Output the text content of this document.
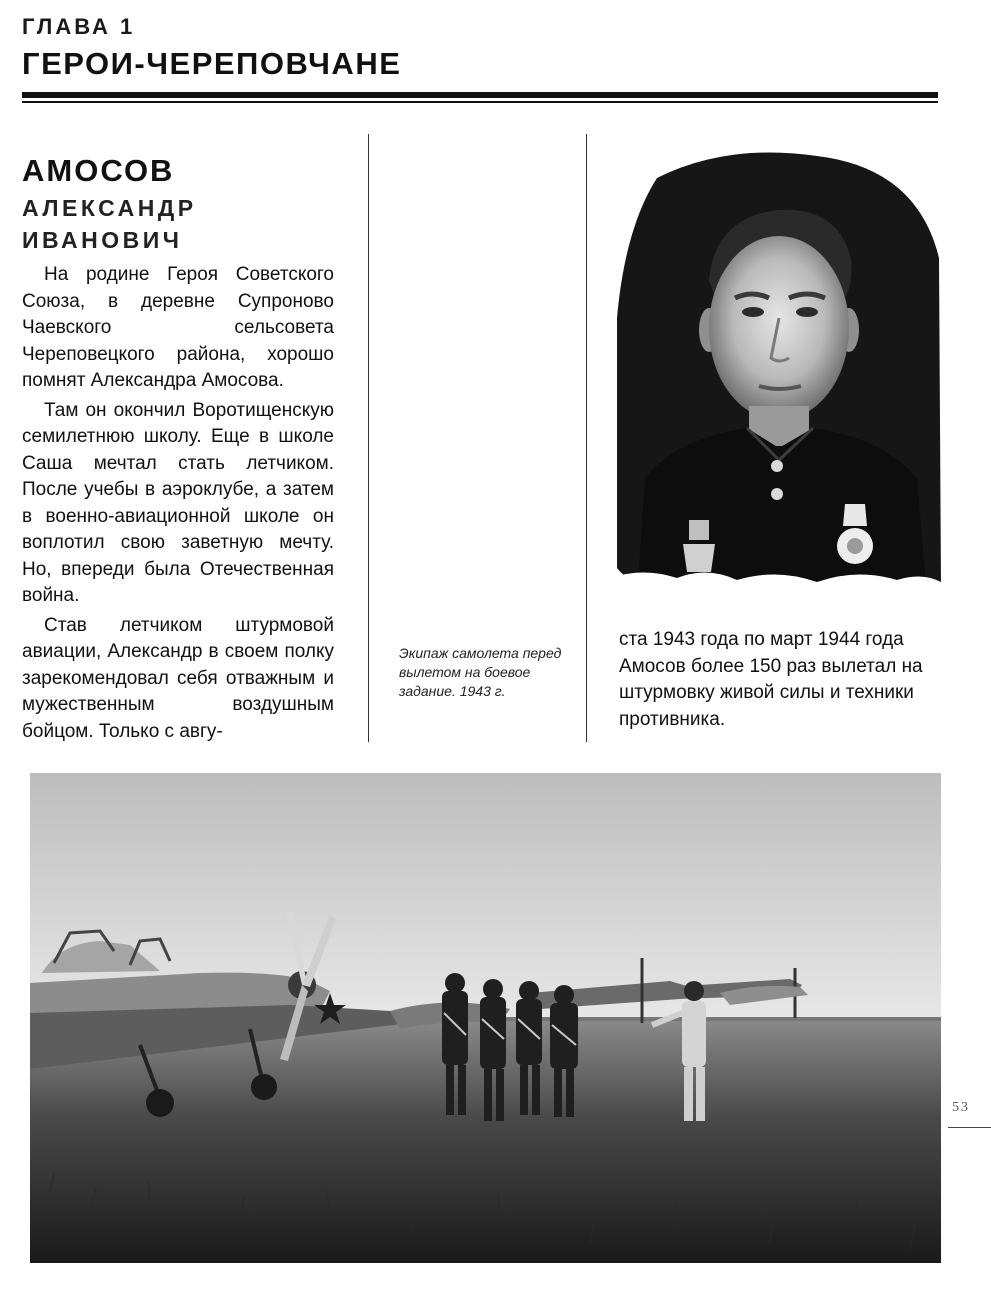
ГЛАВА 1
ГЕРОИ-ЧЕРЕПОВЧАНЕ
АМОСОВ
АЛЕКСАНДР
ИВАНОВИЧ

На родине Героя Советского Союза, в деревне Супроново Чаевского сельсовета Череповецкого района, хорошо помнят Александра Амосова.

Там он окончил Воротищенскую семилетнюю школу. Еще в школе Саша мечтал стать летчиком. После учебы в аэроклубе, а затем в военно-авиационной школе он воплотил свою заветную мечту. Но, впереди была Отечественная война.

Став летчиком штурмовой авиации, Александр в своем полку зарекомендовал себя отважным и мужественным воздушным бойцом. Только с авгу-

Экипаж самолета перед вылетом на боевое задание. 1943 г.
ста 1943 года по март 1944 года Амосов более 150 раз вылетал на штурмовку живой силы и техники противника.
53
